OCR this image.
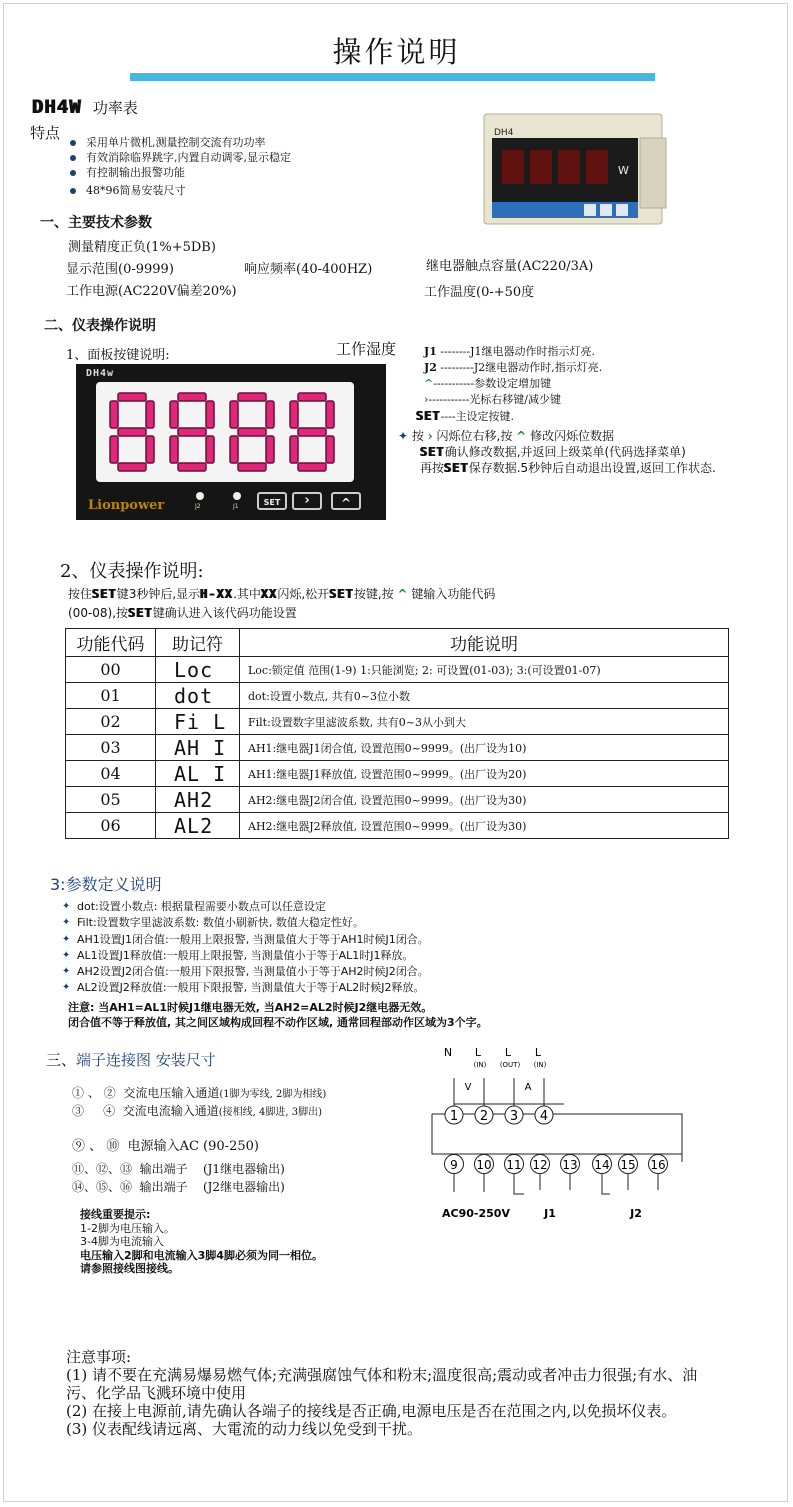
操作说明
DH4W 功率表
特点
采用单片微机,测量控制交流有功功率
有效消除临界跳字,内置自动调零,显示稳定
有控制输出报警功能
48*96简易安装尺寸
DH4
W
一、主要技术参数
测量精度正负(1%+5DB)
显示范围(0-9999)	响应频率(40-400HZ)	继电器触点容量(AC220/3A)
工作电源(AC220V偏差20%)	工作温度(0-+50度
二、仪表操作说明
1、面板按键说明:	工作湿度
DH4w
Lionpower	J2	J1	SET	›	^
J1 --------J1继电器动作时指示灯亮.
J2 ---------J2继电器动作时,指示灯亮.
^-----------参数设定增加键
›-----------光标右移键/减少键
SET----主设定按键.
✦ 按 › 闪烁位右移,按 ^ 修改闪烁位数据
SET确认修改数据,并返回上级菜单(代码选择菜单)
再按SET保存数据.5秒钟后自动退出设置,返回工作状态.
2、仪表操作说明:
按住SET键3秒钟后,显示H-XX.其中XX闪烁,松开SET按键,按 ^ 键输入功能代码
(00-08),按SET键确认进入该代码功能设置
功能代码	助记符	功能说明
00	Loc	Loc:锁定值 范围(1-9) 1:只能浏览; 2: 可设置(01-03); 3:(可设置01-07)
01	dot	dot:设置小数点, 共有0~3位小数
02	Fi L	Filt:设置数字里滤波系数, 共有0~3从小到大
03	AH I	AH1:继电器J1闭合值, 设置范围0~9999。(出厂设为10)
04	AL I	AH1:继电器J1释放值, 设置范围0~9999。(出厂设为20)
05	AH2	AH2:继电器J2闭合值, 设置范围0~9999。(出厂设为30)
06	AL2	AH2:继电器J2释放值, 设置范围0~9999。(出厂设为30)
3:参数定义说明
✦ dot:设置小数点: 根据量程需要小数点可以任意设定
✦ Filt:设置数字里滤波系数: 数值小刷新快, 数值大稳定性好。
✦ AH1设置J1闭合值:一般用上限报警, 当测量值大于等于AH1时候J1闭合。
✦ AL1设置J1释放值:一般用上限报警, 当测量值小于等于AL1时J1释放。
✦ AH2设置J2闭合值:一般用下限报警, 当测量值小于等于AH2时候J2闭合。
✦ AL2设置J2释放值:一般用下限报警, 当测量值大于等于AL2时候J2释放。
注意: 当AH1=AL1时候J1继电器无效, 当AH2=AL2时候J2继电器无效。
闭合值不等于释放值, 其之间区域构成回程不动作区域, 通常回程部动作区域为3个字。
三、端子连接图 安装尺寸
① 、 ② 交流电压输入通道(1脚为零线, 2脚为相线)
③ ④ 交流电流输入通道(接相线, 4脚进, 3脚出)
⑨ 、 ⑩ 电源输入AC (90-250)
⑪、⑫、⑬ 输出端子 (J1继电器输出)
⑭、⑮、⑯ 输出端子 (J2继电器输出)
接线重要提示:
1-2脚为电压输入。
3-4脚为电流输入
电压输入2脚和电流输入3脚4脚必须为同一相位。
请参照接线图接线。
N L
(IN)
L
(OUT)
L
(IN)
V	A
1 2 3 4
9 10 11 12 13 14 15 16
AC90-250V	J1	J2
注意事项:
(1) 请不要在充满易爆易燃气体;充满强腐蚀气体和粉末;溫度很高;震动或者冲击力很强;有水、油污、化学品飞溅环境中使用
(2) 在接上电源前,请先确认各端子的接线是否正确,电源电压是否在范围之内,以免损坏仪表。
(3) 仪表配线请远离、大電流的动力线以免受到干扰。
